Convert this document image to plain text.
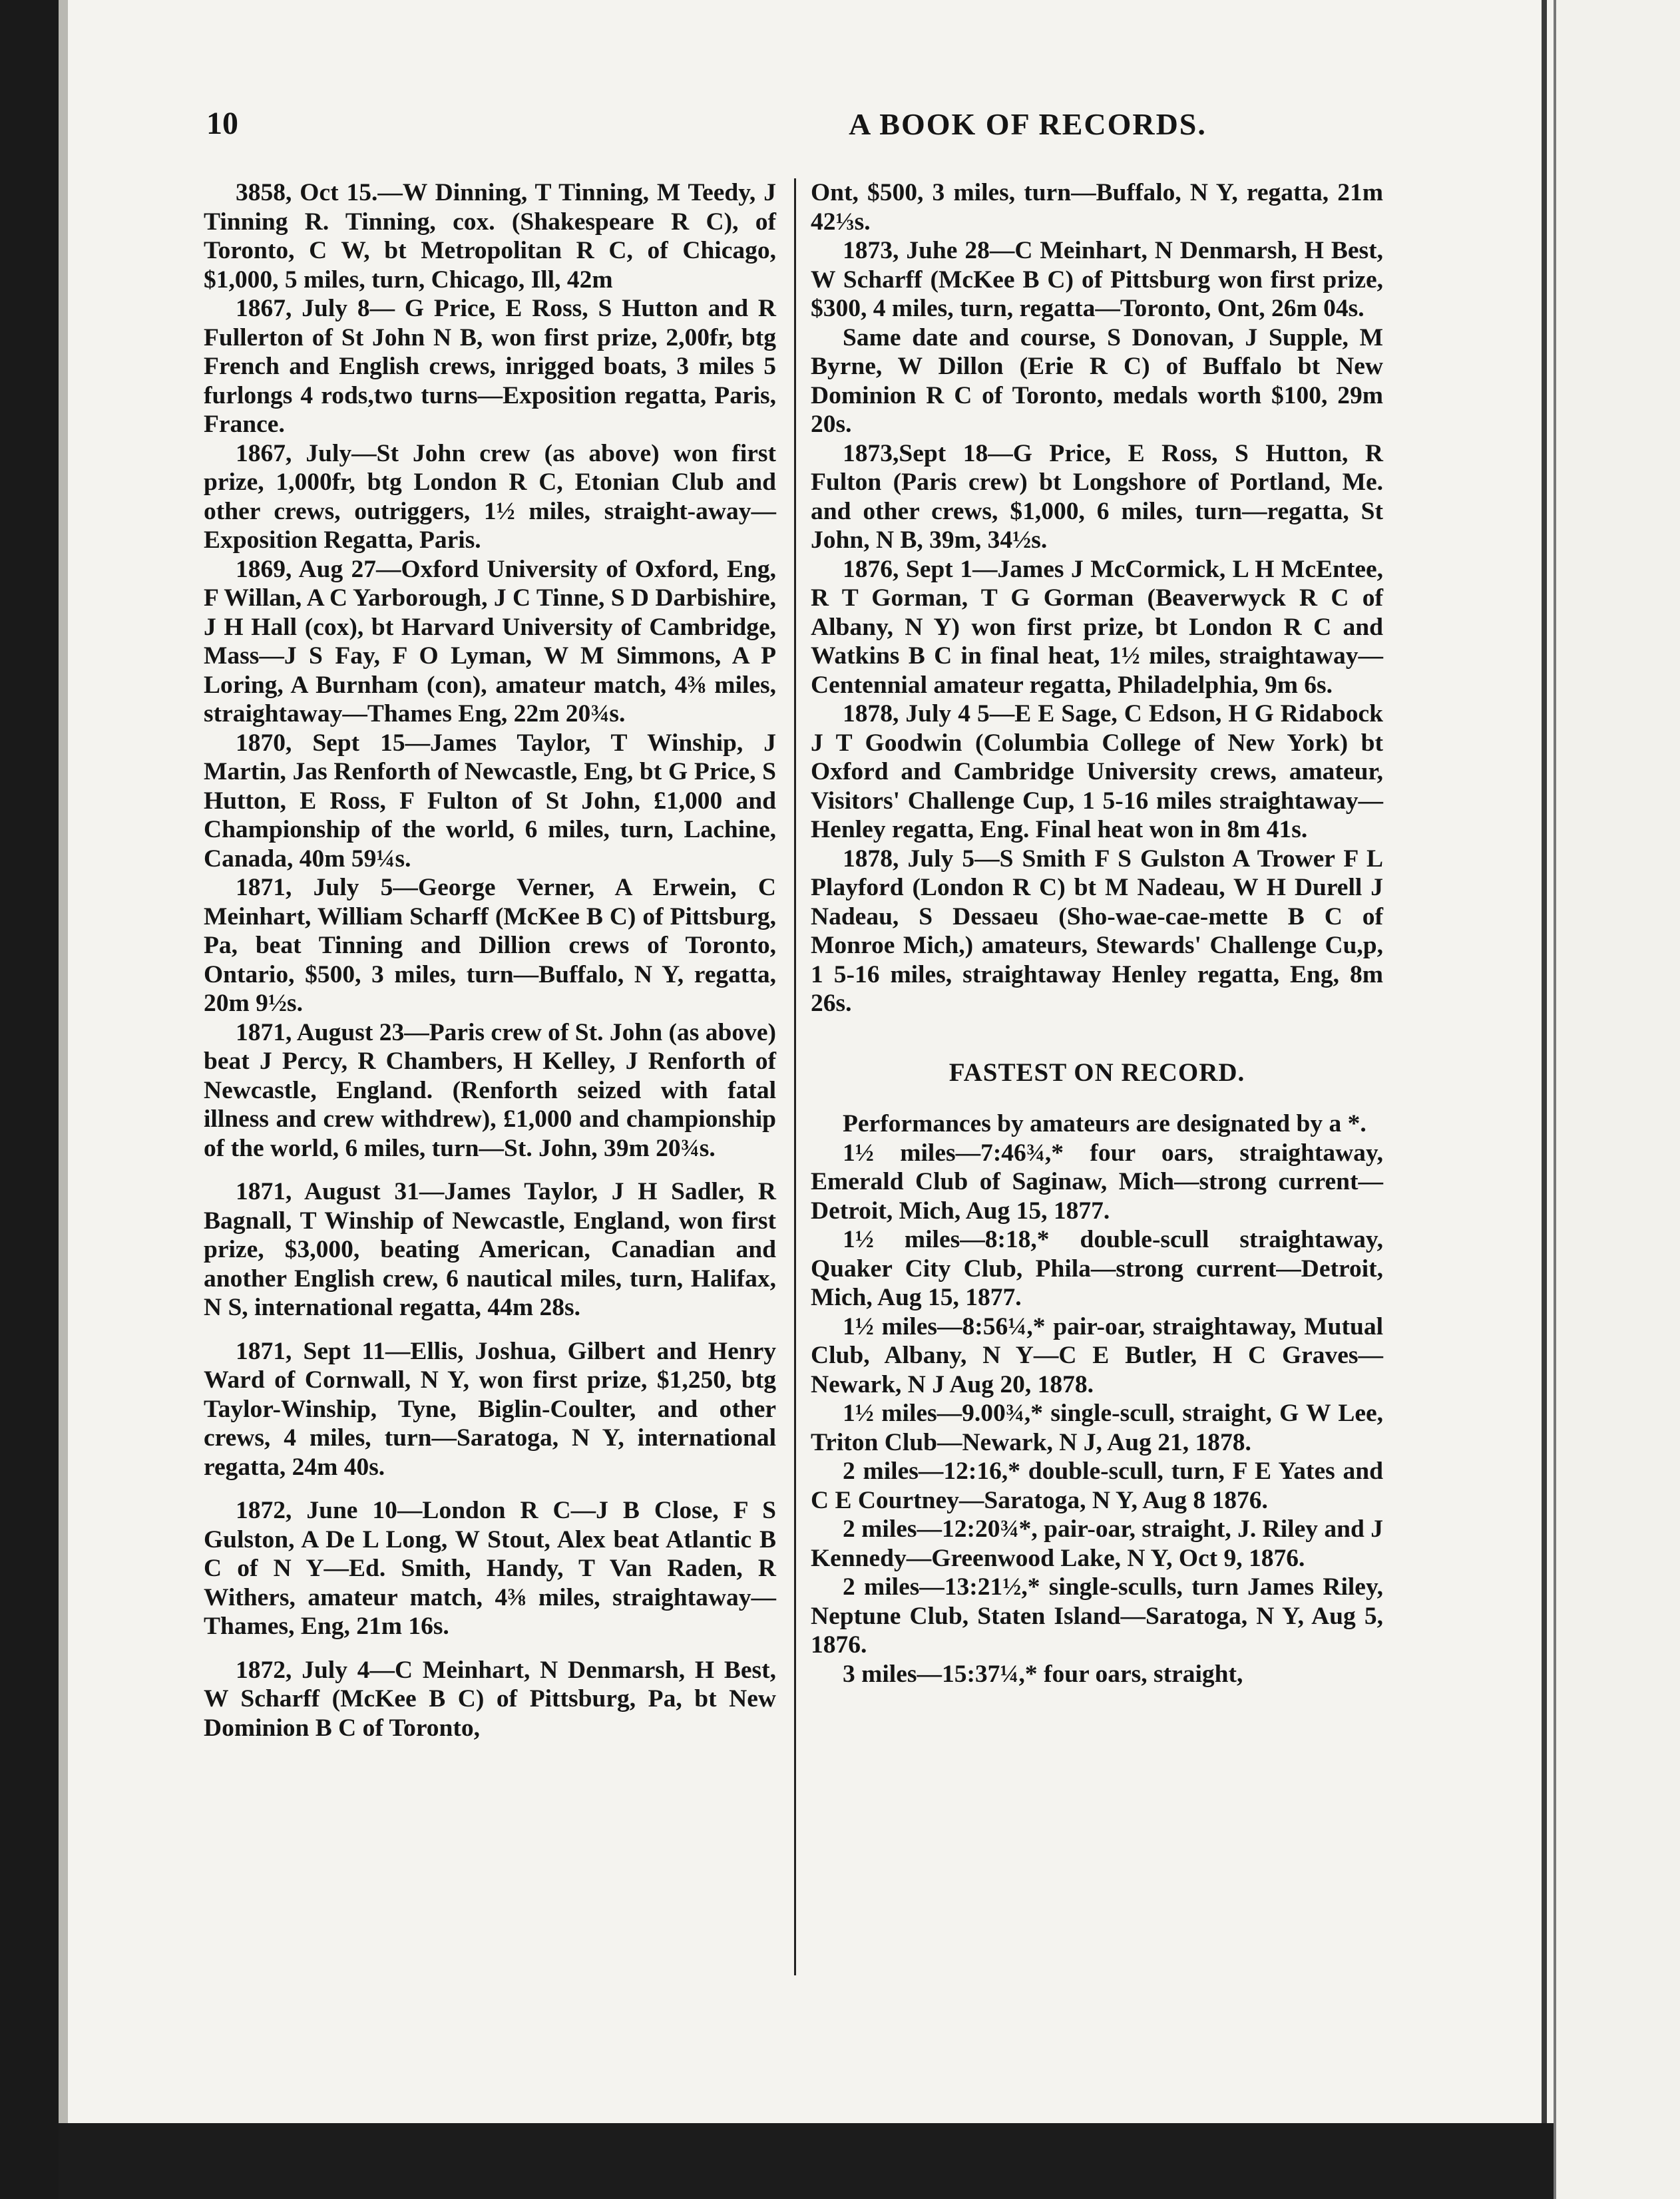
10	A BOOK OF RECORDS.

3858, Oct 15.—W Dinning, T Tinning, M Teedy, J Tinning R. Tinning, cox. (Shakespeare R C), of Toronto, C W, bt Metropolitan R C, of Chicago, $1,000, 5 miles, turn, Chicago, Ill, 42m

1867, July 8— G Price, E Ross, S Hutton and R Fullerton of St John N B, won first prize, 2,00fr, btg French and English crews, inrigged boats, 3 miles 5 furlongs 4 rods,two turns—Exposition regatta, Paris, France.

1867, July—St John crew (as above) won first prize, 1,000fr, btg London R C, Etonian Club and other crews, outriggers, 1½ miles, straight-away—Exposition Regatta, Paris.

1869, Aug 27—Oxford University of Oxford, Eng, F Willan, A C Yarborough, J C Tinne, S D Darbishire, J H Hall (cox), bt Harvard University of Cambridge, Mass—J S Fay, F O Lyman, W M Simmons, A P Loring, A Burnham (con), amateur match, 4⅜ miles, straightaway—Thames Eng, 22m 20¾s.

1870, Sept 15—James Taylor, T Winship, J Martin, Jas Renforth of Newcastle, Eng, bt G Price, S Hutton, E Ross, F Fulton of St John, £1,000 and Championship of the world, 6 miles, turn, Lachine, Canada, 40m 59¼s.

1871, July 5—George Verner, A Erwein, C Meinhart, William Scharff (McKee B C) of Pittsburg, Pa, beat Tinning and Dillion crews of Toronto, Ontario, $500, 3 miles, turn—Buffalo, N Y, regatta, 20m 9½s.

1871, August 23—Paris crew of St. John (as above) beat J Percy, R Chambers, H Kelley, J Renforth of Newcastle, England. (Renforth seized with fatal illness and crew withdrew), £1,000 and championship of the world, 6 miles, turn—St. John, 39m 20¾s.

1871, August 31—James Taylor, J H Sadler, R Bagnall, T Winship of Newcastle, England, won first prize, $3,000, beating American, Canadian and another English crew, 6 nautical miles, turn, Halifax, N S, international regatta, 44m 28s.

1871, Sept 11—Ellis, Joshua, Gilbert and Henry Ward of Cornwall, N Y, won first prize, $1,250, btg Taylor-Winship, Tyne, Biglin-Coulter, and other crews, 4 miles, turn—Saratoga, N Y, international regatta, 24m 40s.

1872, June 10—London R C—J B Close, F S Gulston, A De L Long, W Stout, Alex beat Atlantic B C of N Y—Ed. Smith, Handy, T Van Raden, R Withers, amateur match, 4⅜ miles, straightaway—Thames, Eng, 21m 16s.

1872, July 4—C Meinhart, N Denmarsh, H Best, W Scharff (McKee B C) of Pittsburg, Pa, bt New Dominion B C of Toronto,

Ont, $500, 3 miles, turn—Buffalo, N Y, regatta, 21m 42⅓s.

1873, Juhe 28—C Meinhart, N Denmarsh, H Best, W Scharff (McKee B C) of Pittsburg won first prize, $300, 4 miles, turn, regatta—Toronto, Ont, 26m 04s.

Same date and course, S Donovan, J Supple, M Byrne, W Dillon (Erie R C) of Buffalo bt New Dominion R C of Toronto, medals worth $100, 29m 20s.

1873,Sept 18—G Price, E Ross, S Hutton, R Fulton (Paris crew) bt Longshore of Portland, Me. and other crews, $1,000, 6 miles, turn—regatta, St John, N B, 39m, 34½s.

1876, Sept 1—James J McCormick, L H McEntee, R T Gorman, T G Gorman (Beaverwyck R C of Albany, N Y) won first prize, bt London R C and Watkins B C in final heat, 1½ miles, straightaway—Centennial amateur regatta, Philadelphia, 9m 6s.

1878, July 4 5—E E Sage, C Edson, H G Ridabock J T Goodwin (Columbia College of New York) bt Oxford and Cambridge University crews, amateur, Visitors' Challenge Cup, 1 5-16 miles straightaway—Henley regatta, Eng. Final heat won in 8m 41s.

1878, July 5—S Smith F S Gulston A Trower F L Playford (London R C) bt M Nadeau, W H Durell J Nadeau, S Dessaeu (Sho-wae-cae-mette B C of Monroe Mich,) amateurs, Stewards' Challenge Cu,p, 1 5-16 miles, straightaway Henley regatta, Eng, 8m 26s.

FASTEST ON RECORD.

Performances by amateurs are designated by a *.

1½ miles—7:46¾,* four oars, straightaway, Emerald Club of Saginaw, Mich—strong current—Detroit, Mich, Aug 15, 1877.

1½ miles—8:18,* double-scull straightaway, Quaker City Club, Phila—strong current—Detroit, Mich, Aug 15, 1877.

1½ miles—8:56¼,* pair-oar, straightaway, Mutual Club, Albany, N Y—C E Butler, H C Graves—Newark, N J Aug 20, 1878.

1½ miles—9.00¾,* single-scull, straight, G W Lee, Triton Club—Newark, N J, Aug 21, 1878.

2 miles—12:16,* double-scull, turn, F E Yates and C E Courtney—Saratoga, N Y, Aug 8 1876.

2 miles—12:20¾*, pair-oar, straight, J. Riley and J Kennedy—Greenwood Lake, N Y, Oct 9, 1876.

2 miles—13:21½,* single-sculls, turn James Riley, Neptune Club, Staten Island—Saratoga, N Y, Aug 5, 1876.

3 miles—15:37¼,* four oars, straight,
